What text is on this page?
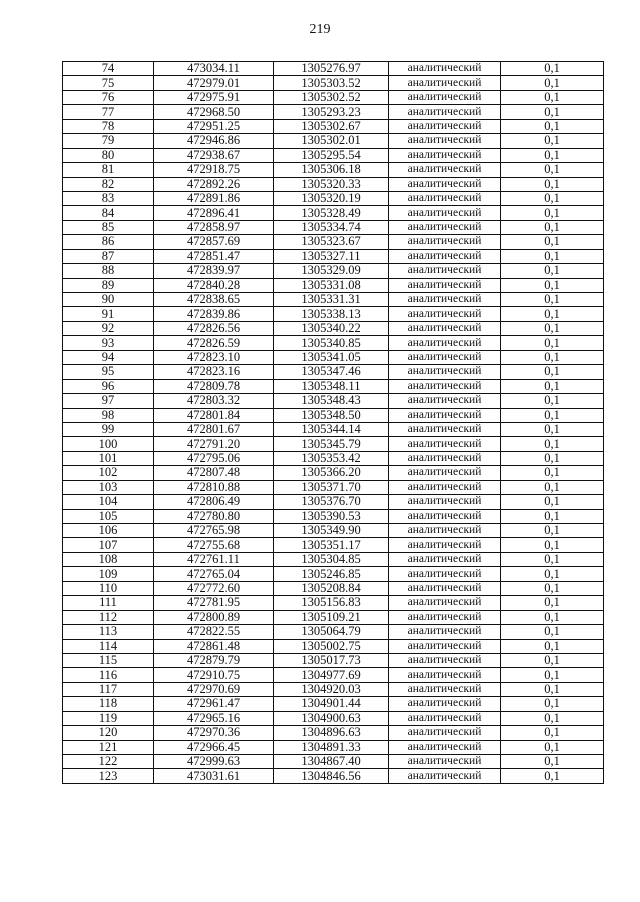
219
74	473034.11	1305276.97	аналитический	0,1
75	472979.01	1305303.52	аналитический	0,1
76	472975.91	1305302.52	аналитический	0,1
77	472968.50	1305293.23	аналитический	0,1
78	472951.25	1305302.67	аналитический	0,1
79	472946.86	1305302.01	аналитический	0,1
80	472938.67	1305295.54	аналитический	0,1
81	472918.75	1305306.18	аналитический	0,1
82	472892.26	1305320.33	аналитический	0,1
83	472891.86	1305320.19	аналитический	0,1
84	472896.41	1305328.49	аналитический	0,1
85	472858.97	1305334.74	аналитический	0,1
86	472857.69	1305323.67	аналитический	0,1
87	472851.47	1305327.11	аналитический	0,1
88	472839.97	1305329.09	аналитический	0,1
89	472840.28	1305331.08	аналитический	0,1
90	472838.65	1305331.31	аналитический	0,1
91	472839.86	1305338.13	аналитический	0,1
92	472826.56	1305340.22	аналитический	0,1
93	472826.59	1305340.85	аналитический	0,1
94	472823.10	1305341.05	аналитический	0,1
95	472823.16	1305347.46	аналитический	0,1
96	472809.78	1305348.11	аналитический	0,1
97	472803.32	1305348.43	аналитический	0,1
98	472801.84	1305348.50	аналитический	0,1
99	472801.67	1305344.14	аналитический	0,1
100	472791.20	1305345.79	аналитический	0,1
101	472795.06	1305353.42	аналитический	0,1
102	472807.48	1305366.20	аналитический	0,1
103	472810.88	1305371.70	аналитический	0,1
104	472806.49	1305376.70	аналитический	0,1
105	472780.80	1305390.53	аналитический	0,1
106	472765.98	1305349.90	аналитический	0,1
107	472755.68	1305351.17	аналитический	0,1
108	472761.11	1305304.85	аналитический	0,1
109	472765.04	1305246.85	аналитический	0,1
110	472772.60	1305208.84	аналитический	0,1
111	472781.95	1305156.83	аналитический	0,1
112	472800.89	1305109.21	аналитический	0,1
113	472822.55	1305064.79	аналитический	0,1
114	472861.48	1305002.75	аналитический	0,1
115	472879.79	1305017.73	аналитический	0,1
116	472910.75	1304977.69	аналитический	0,1
117	472970.69	1304920.03	аналитический	0,1
118	472961.47	1304901.44	аналитический	0,1
119	472965.16	1304900.63	аналитический	0,1
120	472970.36	1304896.63	аналитический	0,1
121	472966.45	1304891.33	аналитический	0,1
122	472999.63	1304867.40	аналитический	0,1
123	473031.61	1304846.56	аналитический	0,1
